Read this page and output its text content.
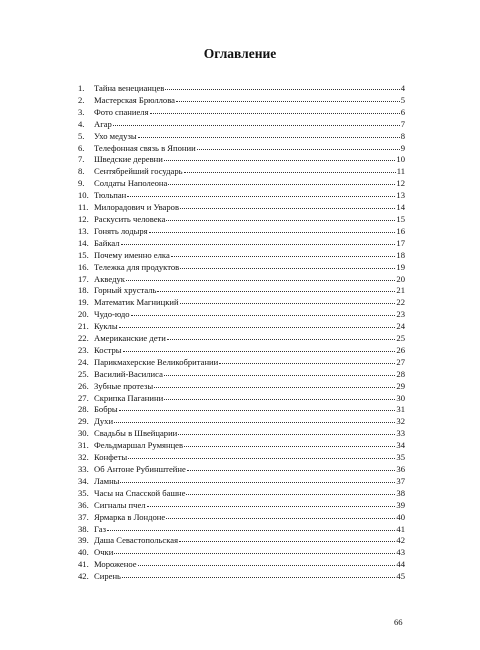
Оглавление
1.	Тайна венецианцев	4
2.	Мастерская Брюллова	5
3.	Фото спаниеля	6
4.	Агар	7
5.	Ухо медузы	8
6.	Телефонная связь в Японии	9
7.	Шведские деревни	10
8.	Сентябрейший государь	11
9.	Солдаты Наполеона	12
10. Тюльпан	13
11. Милорадович и Уваров	14
12. Раскусить человека	15
13. Гонять лодыря	16
14. Байкал	17
15. Почему именно елка	18
16. Тележка для продуктов	19
17. Акведук	20
18. Горный хрусталь	21
19. Математик Магницкий	22
20. Чудо-юдо	23
21. Куклы	24
22. Американские дети	25
23. Костры	26
24. Парикмахерские Великобритании	27
25. Василий-Василиса	28
26. Зубные протезы	29
27. Скрипка Паганини	30
28. Бобры	31
29. Духи	32
30. Свадьбы в Швейцарии	33
31. Фельдмаршал Румянцев	34
32. Конфеты	35
33. Об Антоне Рубинштейне	36
34. Ламны	37
35. Часы на Спасской башне	38
36. Сигналы пчел	39
37. Ярмарка в Лондоне	40
38. Газ	41
39. Даша Севастопольская	42
40. Очки	43
41. Мороженое	44
42. Сирень	45
66
